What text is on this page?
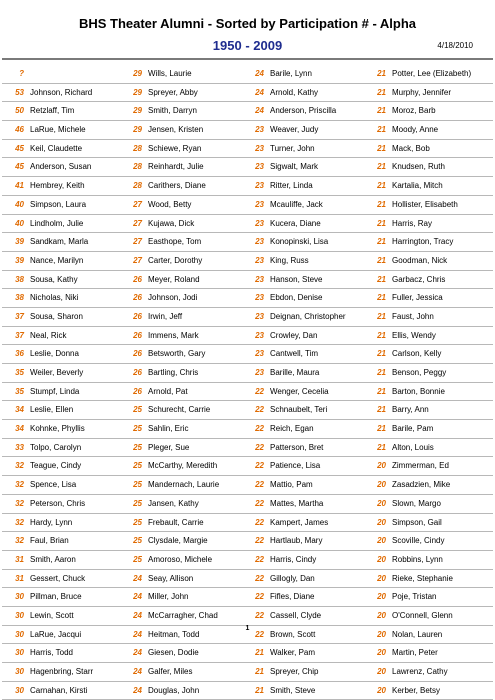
BHS Theater Alumni - Sorted by Participation # - Alpha
1950 - 2009	4/18/2010
?	29 Wills, Laurie	24 Barile, Lynn	21 Potter, Lee (Elizabeth)
53 Johnson, Richard	29 Spreyer, Abby	24 Arnold, Kathy	21 Murphy, Jennifer
50 Retzlaff, Tim	29 Smith, Darryn	24 Anderson, Priscilla	21 Moroz, Barb
46 LaRue, Michele	29 Jensen, Kristen	23 Weaver, Judy	21 Moody, Anne
45 Keil, Claudette	28 Schiewe, Ryan	23 Turner, John	21 Mack, Bob
45 Anderson, Susan	28 Reinhardt, Julie	23 Sigwalt, Mark	21 Knudsen, Ruth
41 Hembrey, Keith	28 Carithers, Diane	23 Ritter, Linda	21 Kartalia, Mitch
40 Simpson, Laura	27 Wood, Betty	23 Mcauliffe, Jack	21 Hollister, Elisabeth
40 Lindholm, Julie	27 Kujawa, Dick	23 Kucera, Diane	21 Harris, Ray
39 Sandkam, Marla	27 Easthope, Tom	23 Konopinski, Lisa	21 Harrington, Tracy
39 Nance, Marilyn	27 Carter, Dorothy	23 King, Russ	21 Goodman, Nick
38 Sousa, Kathy	26 Meyer, Roland	23 Hanson, Steve	21 Garbacz, Chris
38 Nicholas, Niki	26 Johnson, Jodi	23 Ebdon, Denise	21 Fuller, Jessica
37 Sousa, Sharon	26 Irwin, Jeff	23 Deignan, Christopher	21 Faust, John
37 Neal, Rick	26 Immens, Mark	23 Crowley, Dan	21 Ellis, Wendy
36 Leslie, Donna	26 Betsworth, Gary	23 Cantwell, Tim	21 Carlson, Kelly
35 Weiler, Beverly	26 Bartling, Chris	23 Barille, Maura	21 Benson, Peggy
35 Stumpf, Linda	26 Arnold, Pat	22 Wenger, Cecelia	21 Barton, Bonnie
34 Leslie, Ellen	25 Schurecht, Carrie	22 Schnaubelt, Teri	21 Barry, Ann
34 Kohnke, Phyllis	25 Sahlin, Eric	22 Reich, Egan	21 Barile, Pam
33 Tolpo, Carolyn	25 Pleger, Sue	22 Patterson, Bret	21 Alton, Louis
32 Teague, Cindy	25 McCarthy, Meredith	22 Patience, Lisa	20 Zimmerman, Ed
32 Spence, Lisa	25 Mandernach, Laurie	22 Mattio, Pam	20 Zasadzien, Mike
32 Peterson, Chris	25 Jansen, Kathy	22 Mattes, Martha	20 Slown, Margo
32 Hardy, Lynn	25 Frebault, Carrie	22 Kampert, James	20 Simpson, Gail
32 Faul, Brian	25 Clysdale, Margie	22 Hartlaub, Mary	20 Scoville, Cindy
31 Smith, Aaron	25 Amoroso, Michele	22 Harris, Cindy	20 Robbins, Lynn
31 Gessert, Chuck	24 Seay, Allison	22 Gillogly, Dan	20 Rieke, Stephanie
30 Pillman, Bruce	24 Miller, John	22 Fifles, Diane	20 Poje, Tristan
30 Lewin, Scott	24 McCarragher, Chad	22 Cassell, Clyde	20 O'Connell, Glenn
30 LaRue, Jacqui	24 Heitman, Todd	22 Brown, Scott	20 Nolan, Lauren
30 Harris, Todd	24 Giesen, Dodie	21 Walker, Pam	20 Martin, Peter
30 Hagenbring, Starr	24 Galfer, Miles	21 Spreyer, Chip	20 Lawrenz, Cathy
30 Carnahan, Kirsti	24 Douglas, John	21 Smith, Steve	20 Kerber, Betsy
1
